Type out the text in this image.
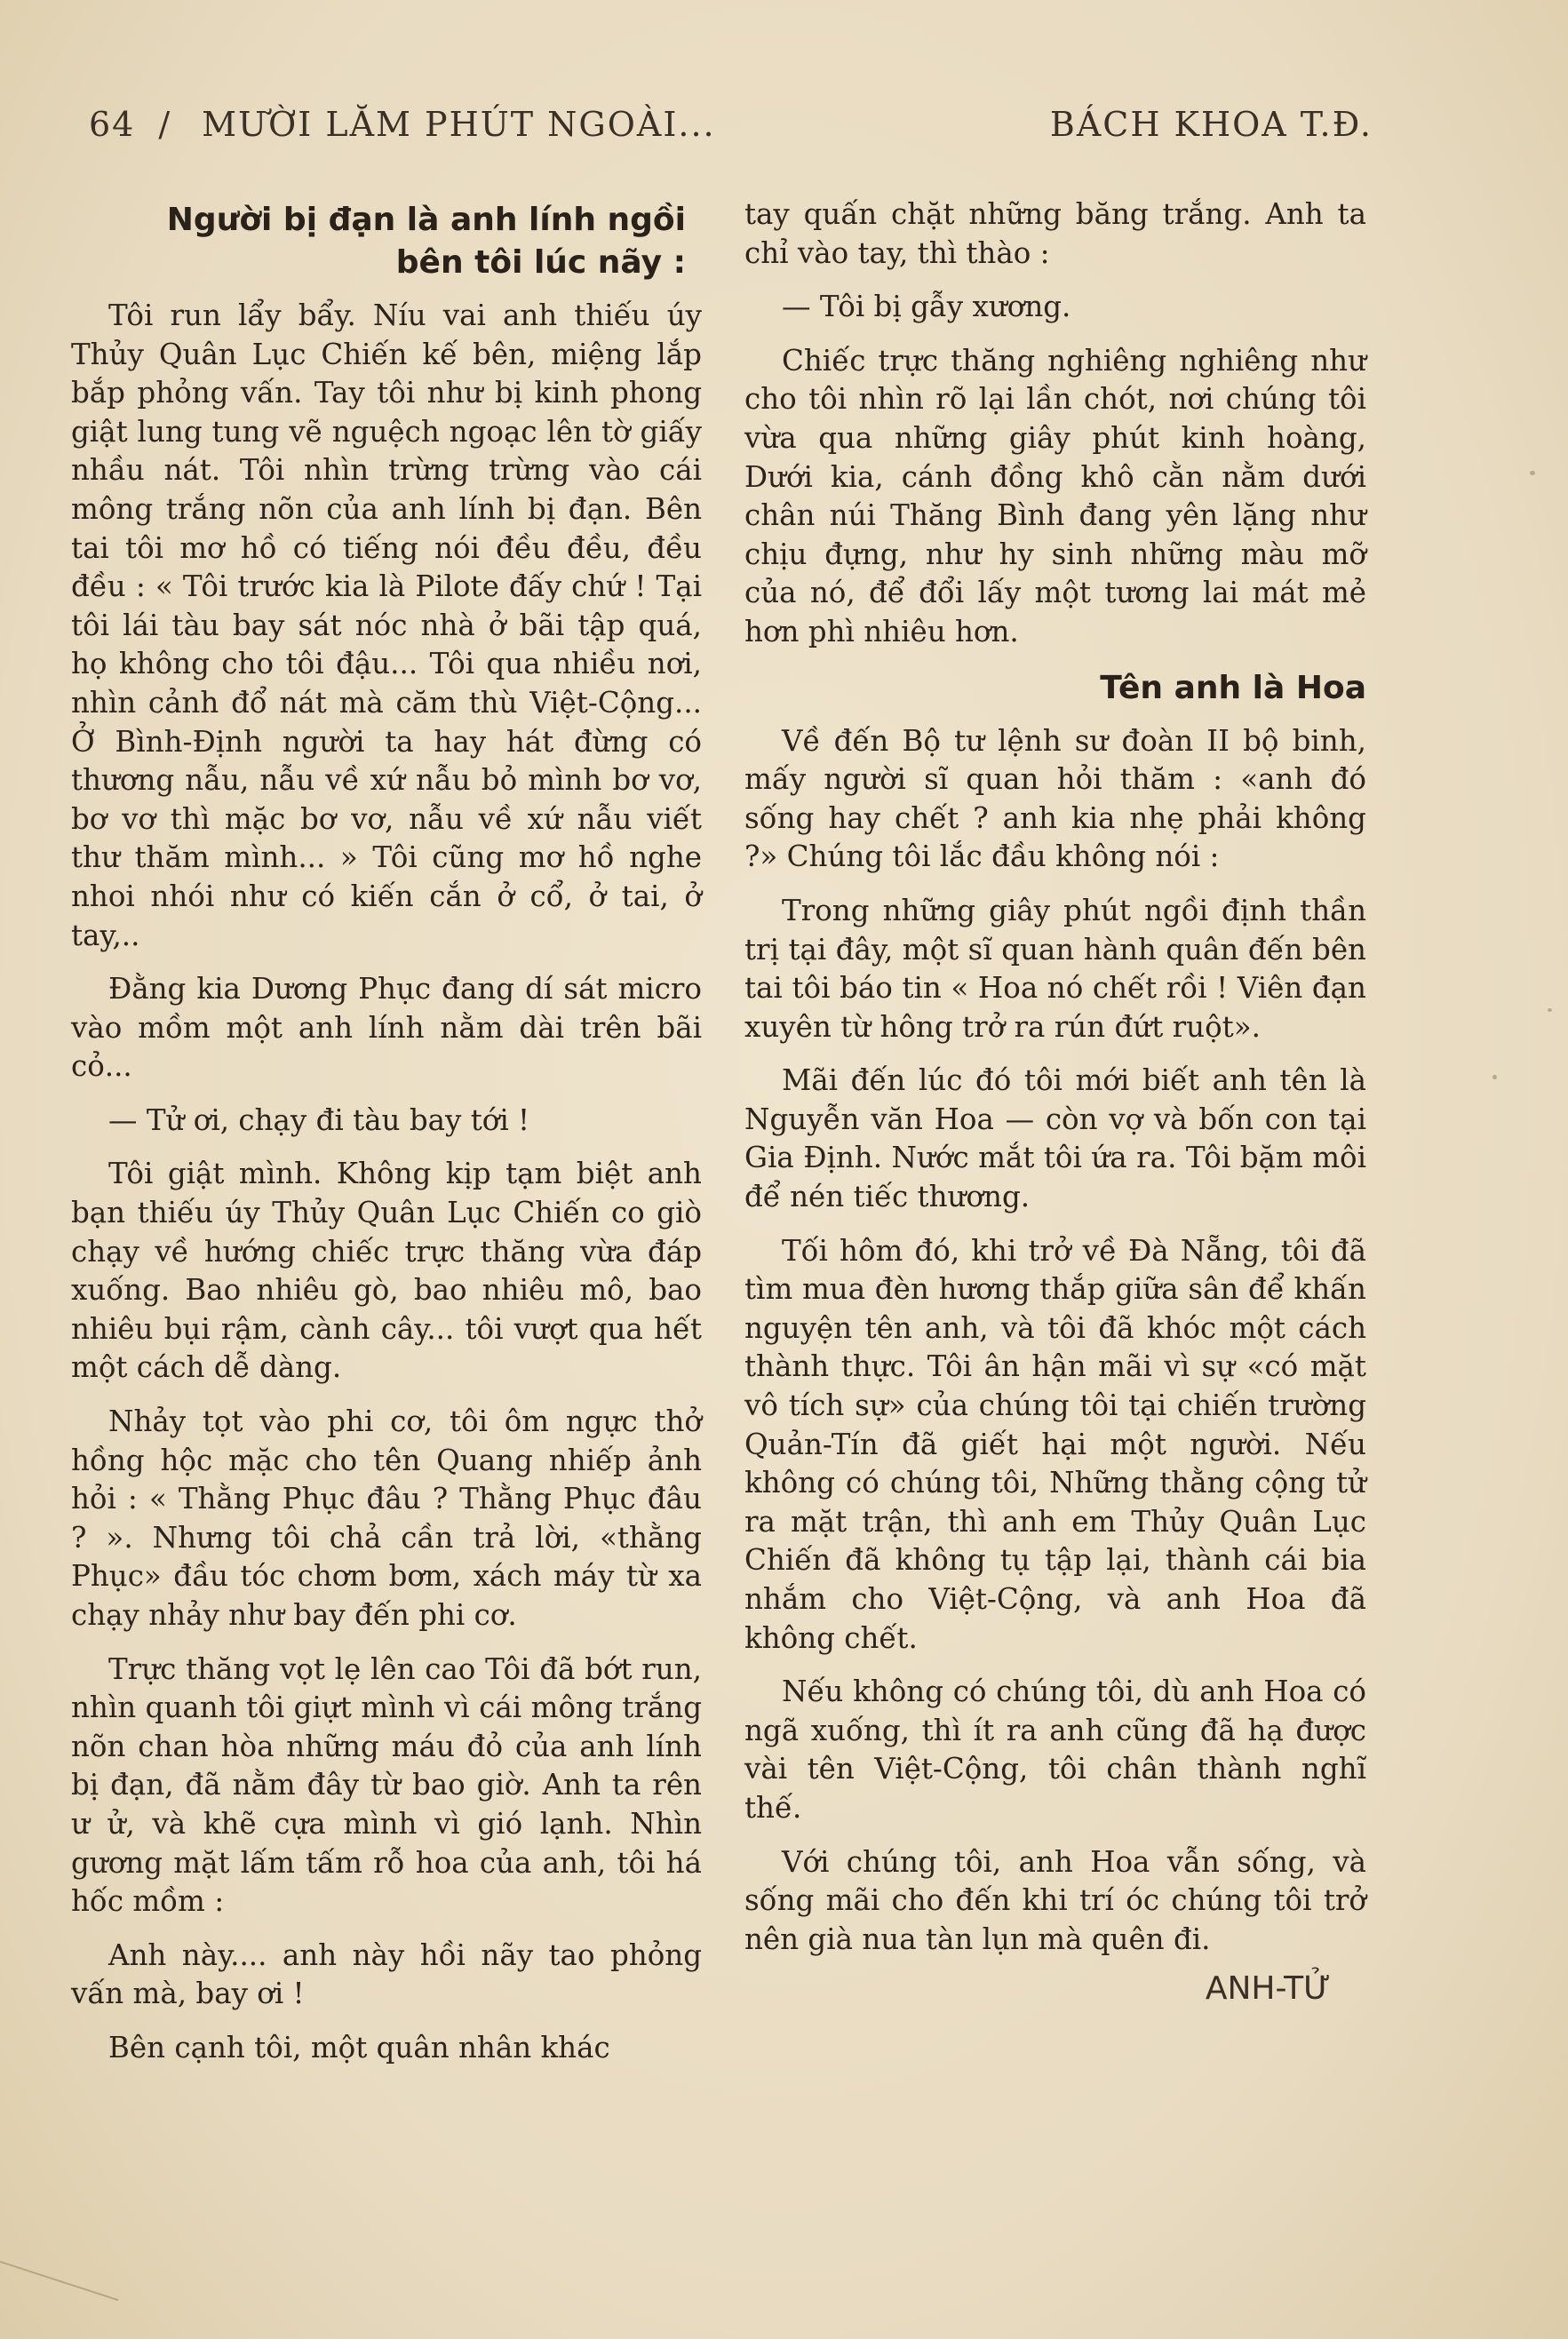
64 / MƯỜI LĂM PHÚT NGOÀI...	BÁCH KHOA T.Đ.
Người bị đạn là anh lính ngồi
bên tôi lúc nãy :

Tôi run lẩy bẩy. Níu vai anh thiếu úy Thủy Quân Lục Chiến kế bên, miệng lắp bắp phỏng vấn. Tay tôi như bị kinh phong giật lung tung vẽ nguệch ngoạc lên tờ giấy nhầu nát. Tôi nhìn trừng trừng vào cái mông trắng nõn của anh lính bị đạn. Bên tai tôi mơ hồ có tiếng nói đều đều, đều đều : « Tôi trước kia là Pilote đấy chứ ! Tại tôi lái tàu bay sát nóc nhà ở bãi tập quá, họ không cho tôi đậu... Tôi qua nhiều nơi, nhìn cảnh đổ nát mà căm thù Việt-Cộng... Ở Bình-Định người ta hay hát đừng có thương nẫu, nẫu về xứ nẫu bỏ mình bơ vơ, bơ vơ thì mặc bơ vơ, nẫu về xứ nẫu viết thư thăm mình... » Tôi cũng mơ hồ nghe nhoi nhói như có kiến cắn ở cổ, ở tai, ở tay,..

Đằng kia Dương Phục đang dí sát micro vào mồm một anh lính nằm dài trên bãi cỏ...

— Tử ơi, chạy đi tàu bay tới !

Tôi giật mình. Không kịp tạm biệt anh bạn thiếu úy Thủy Quân Lục Chiến co giò chạy về hướng chiếc trực thăng vừa đáp xuống. Bao nhiêu gò, bao nhiêu mô, bao nhiêu bụi rậm, cành cây... tôi vượt qua hết một cách dễ dàng.

Nhảy tọt vào phi cơ, tôi ôm ngực thở hồng hộc mặc cho tên Quang nhiếp ảnh hỏi : « Thằng Phục đâu ? Thằng Phục đâu ? ». Nhưng tôi chả cần trả lời, «thằng Phục» đầu tóc chơm bơm, xách máy từ xa chạy nhảy như bay đến phi cơ.

Trực thăng vọt lẹ lên cao Tôi đã bớt run, nhìn quanh tôi giựt mình vì cái mông trắng nõn chan hòa những máu đỏ của anh lính bị đạn, đã nằm đây từ bao giờ. Anh ta rên ư ử, và khẽ cựa mình vì gió lạnh. Nhìn gương mặt lấm tấm rỗ hoa của anh, tôi há hốc mồm :

Anh này.... anh này hồi nãy tao phỏng vấn mà, bay ơi !

Bên cạnh tôi, một quân nhân khác

tay quấn chặt những băng trắng. Anh ta chỉ vào tay, thì thào :

— Tôi bị gẫy xương.

Chiếc trực thăng nghiêng nghiêng như cho tôi nhìn rõ lại lần chót, nơi chúng tôi vừa qua những giây phút kinh hoàng, Dưới kia, cánh đồng khô cằn nằm dưới chân núi Thăng Bình đang yên lặng như chịu đựng, như hy sinh những màu mỡ của nó, để đổi lấy một tương lai mát mẻ hơn phì nhiêu hơn.

Tên anh là Hoa

Về đến Bộ tư lệnh sư đoàn II bộ binh, mấy người sĩ quan hỏi thăm : «anh đó sống hay chết ? anh kia nhẹ phải không ?» Chúng tôi lắc đầu không nói :

Trong những giây phút ngồi định thần trị tại đây, một sĩ quan hành quân đến bên tai tôi báo tin « Hoa nó chết rồi ! Viên đạn xuyên từ hông trở ra rún đứt ruột».

Mãi đến lúc đó tôi mới biết anh tên là Nguyễn văn Hoa — còn vợ và bốn con tại Gia Định. Nước mắt tôi ứa ra. Tôi bặm môi để nén tiếc thương.

Tối hôm đó, khi trở về Đà Nẵng, tôi đã tìm mua đèn hương thắp giữa sân để khấn nguyện tên anh, và tôi đã khóc một cách thành thực. Tôi ân hận mãi vì sự «có mặt vô tích sự» của chúng tôi tại chiến trường Quản-Tín đã giết hại một người. Nếu không có chúng tôi, Những thằng cộng tử ra mặt trận, thì anh em Thủy Quân Lục Chiến đã không tụ tập lại, thành cái bia nhắm cho Việt-Cộng, và anh Hoa đã không chết.

Nếu không có chúng tôi, dù anh Hoa có ngã xuống, thì ít ra anh cũng đã hạ được vài tên Việt-Cộng, tôi chân thành nghĩ thế.

Với chúng tôi, anh Hoa vẫn sống, và sống mãi cho đến khi trí óc chúng tôi trở nên già nua tàn lụn mà quên đi.

ANH-TỬ
